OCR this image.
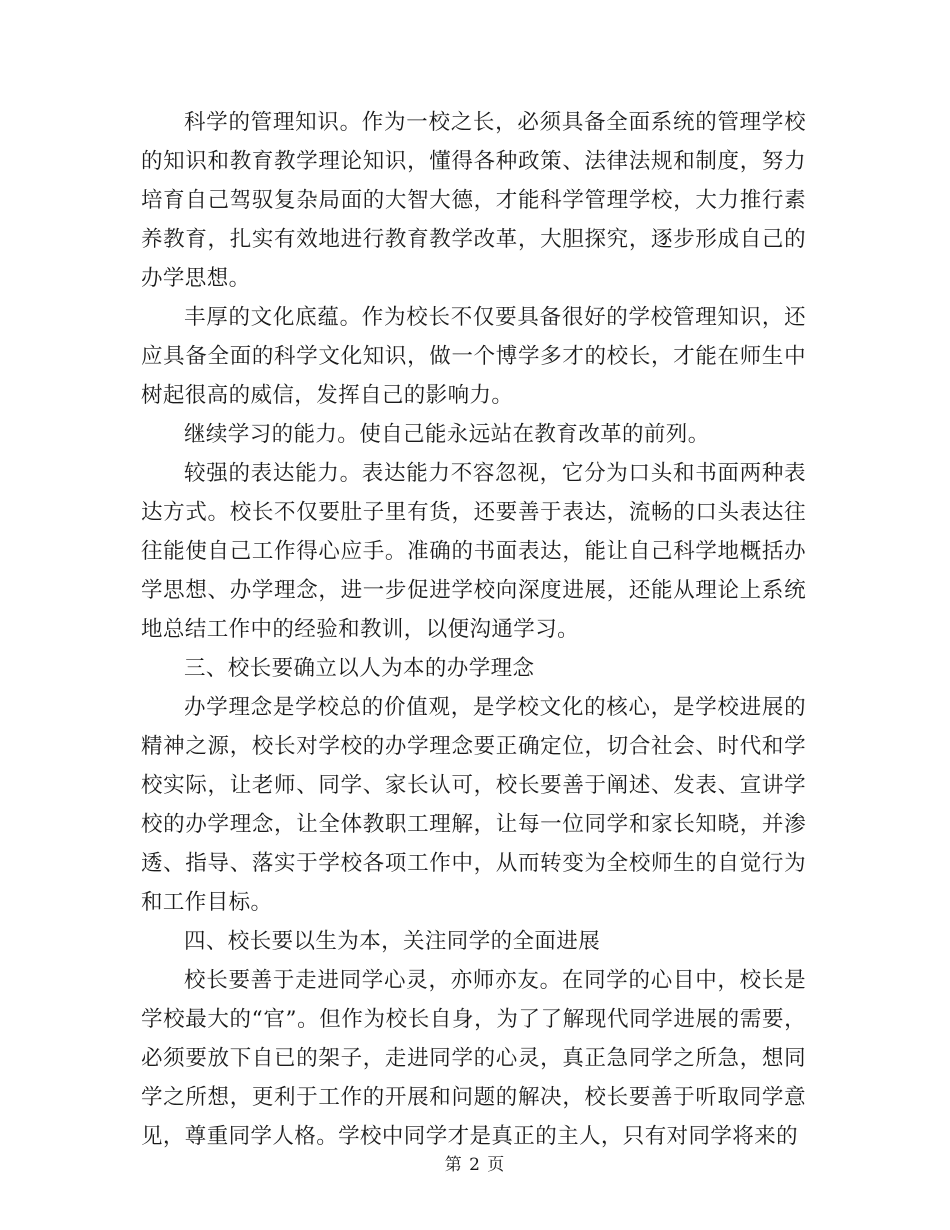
科学的管理知识。作为一校之长，必须具备全面系统的管理学校的知识和教育教学理论知识，懂得各种政策、法律法规和制度，努力培育自己驾驭复杂局面的大智大德，才能科学管理学校，大力推行素养教育，扎实有效地进行教育教学改革，大胆探究，逐步形成自己的办学思想。

丰厚的文化底蕴。作为校长不仅要具备很好的学校管理知识，还应具备全面的科学文化知识，做一个博学多才的校长，才能在师生中树起很高的威信，发挥自己的影响力。

继续学习的能力。使自己能永远站在教育改革的前列。

较强的表达能力。表达能力不容忽视，它分为口头和书面两种表达方式。校长不仅要肚子里有货，还要善于表达，流畅的口头表达往往能使自己工作得心应手。准确的书面表达，能让自己科学地概括办学思想、办学理念，进一步促进学校向深度进展，还能从理论上系统地总结工作中的经验和教训，以便沟通学习。

三、校长要确立以人为本的办学理念

办学理念是学校总的价值观，是学校文化的核心，是学校进展的精神之源，校长对学校的办学理念要正确定位，切合社会、时代和学校实际，让老师、同学、家长认可，校长要善于阐述、发表、宣讲学校的办学理念，让全体教职工理解，让每一位同学和家长知晓，并渗透、指导、落实于学校各项工作中，从而转变为全校师生的自觉行为和工作目标。

四、校长要以生为本，关注同学的全面进展

校长要善于走进同学心灵，亦师亦友。在同学的心目中，校长是学校最大的“官”。但作为校长自身，为了了解现代同学进展的需要，必须要放下自已的架子，走进同学的心灵，真正急同学之所急，想同学之所想，更利于工作的开展和问题的解决，校长要善于听取同学意见，尊重同学人格。学校中同学才是真正的主人，只有对同学将来的

第 2 页
